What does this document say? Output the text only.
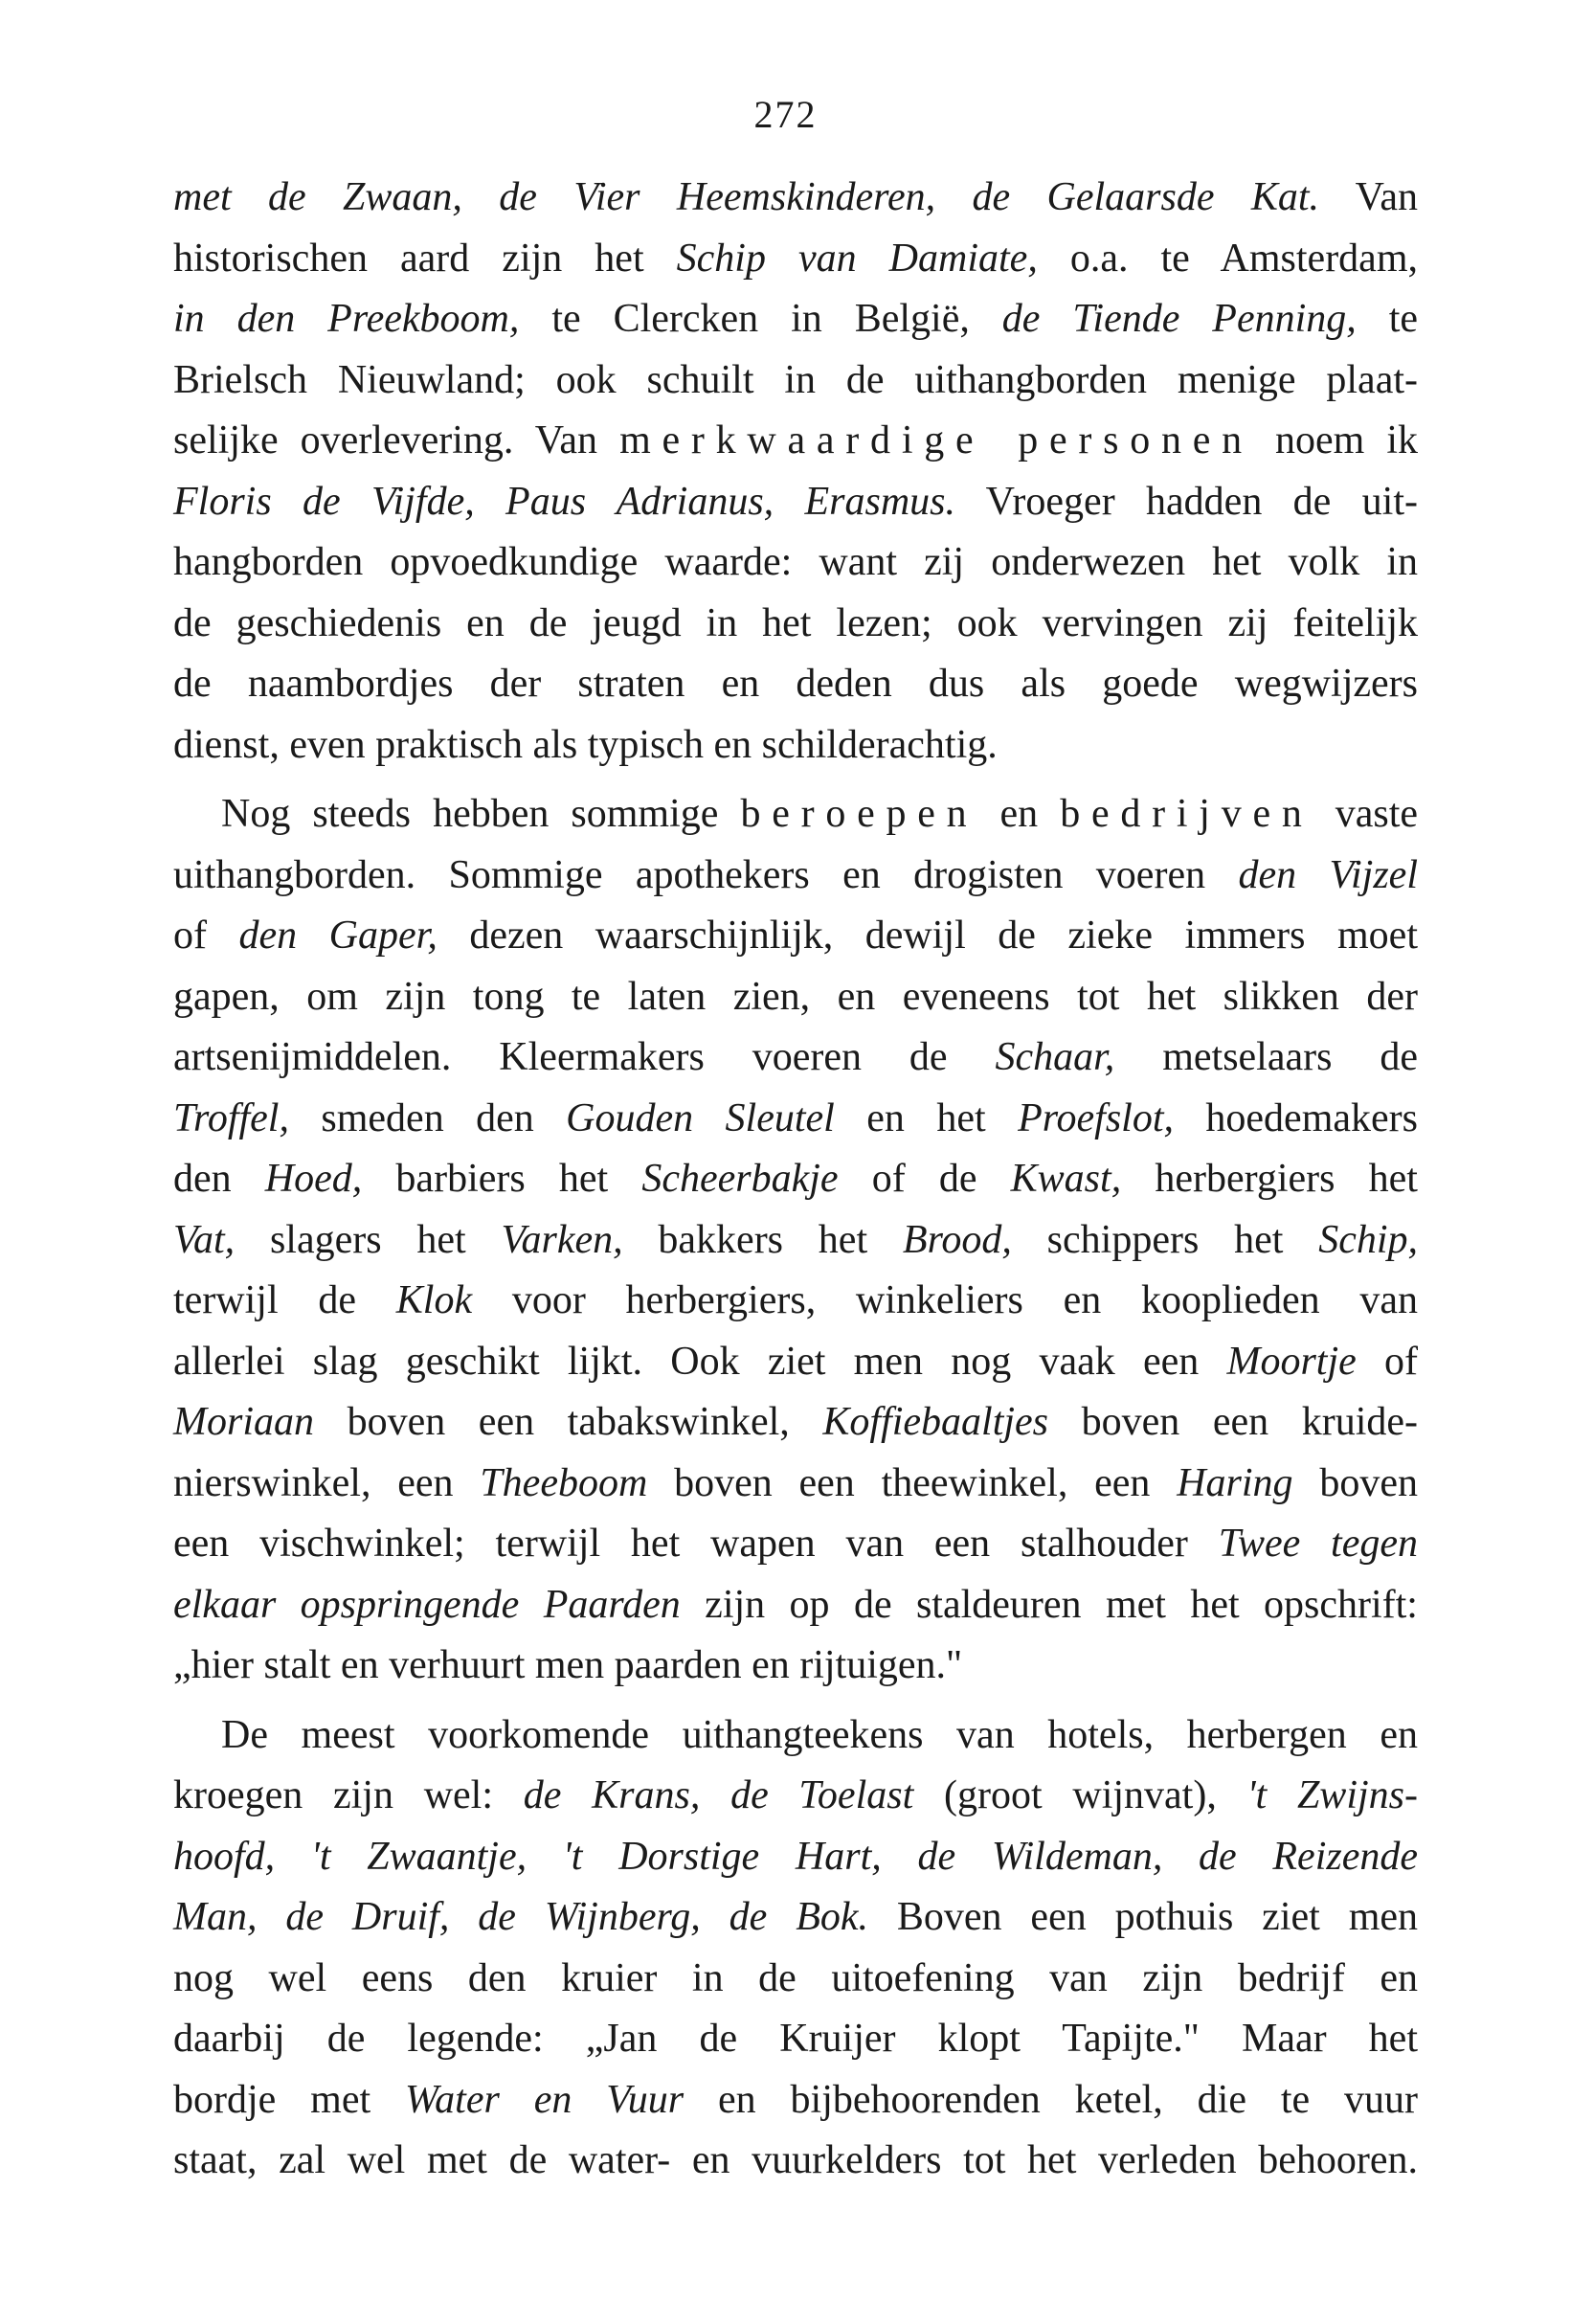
272
met de Zwaan, de Vier Heemskinderen, de Gelaarsde Kat. Van
historischen aard zijn het Schip van Damiate, o.a. te Amsterdam,
in den Preekboom, te Clercken in België, de Tiende Penning, te
Brielsch Nieuwland; ook schuilt in de uithangborden menige plaat-
selijke overlevering. Van merkwaardige personen noem ik
Floris de Vijfde, Paus Adrianus, Erasmus. Vroeger hadden de uit-
hangborden opvoedkundige waarde: want zij onderwezen het volk in
de geschiedenis en de jeugd in het lezen; ook vervingen zij feitelijk
de naambordjes der straten en deden dus als goede wegwijzers
dienst, even praktisch als typisch en schilderachtig.
Nog steeds hebben sommige beroepen en bedrijven vaste
uithangborden. Sommige apothekers en drogisten voeren den Vijzel
of den Gaper, dezen waarschijnlijk, dewijl de zieke immers moet
gapen, om zijn tong te laten zien, en eveneens tot het slikken der
artsenijmiddelen. Kleermakers voeren de Schaar, metselaars de
Troffel, smeden den Gouden Sleutel en het Proefslot, hoedemakers
den Hoed, barbiers het Scheerbakje of de Kwast, herbergiers het
Vat, slagers het Varken, bakkers het Brood, schippers het Schip,
terwijl de Klok voor herbergiers, winkeliers en kooplieden van
allerlei slag geschikt lijkt. Ook ziet men nog vaak een Moortje of
Moriaan boven een tabakswinkel, Koffiebaaltjes boven een kruide-
nierswinkel, een Theeboom boven een theewinkel, een Haring boven
een vischwinkel; terwijl het wapen van een stalhouder Twee tegen
elkaar opspringende Paarden zijn op de staldeuren met het opschrift:
„hier stalt en verhuurt men paarden en rijtuigen."
De meest voorkomende uithangteekens van hotels, herbergen en
kroegen zijn wel: de Krans, de Toelast (groot wijnvat), 't Zwijns-
hoofd, 't Zwaantje, 't Dorstige Hart, de Wildeman, de Reizende
Man, de Druif, de Wijnberg, de Bok. Boven een pothuis ziet men
nog wel eens den kruier in de uitoefening van zijn bedrijf en
daarbij de legende: „Jan de Kruijer klopt Tapijte." Maar het
bordje met Water en Vuur en bijbehoorenden ketel, die te vuur
staat, zal wel met de water- en vuurkelders tot het verleden behooren.
